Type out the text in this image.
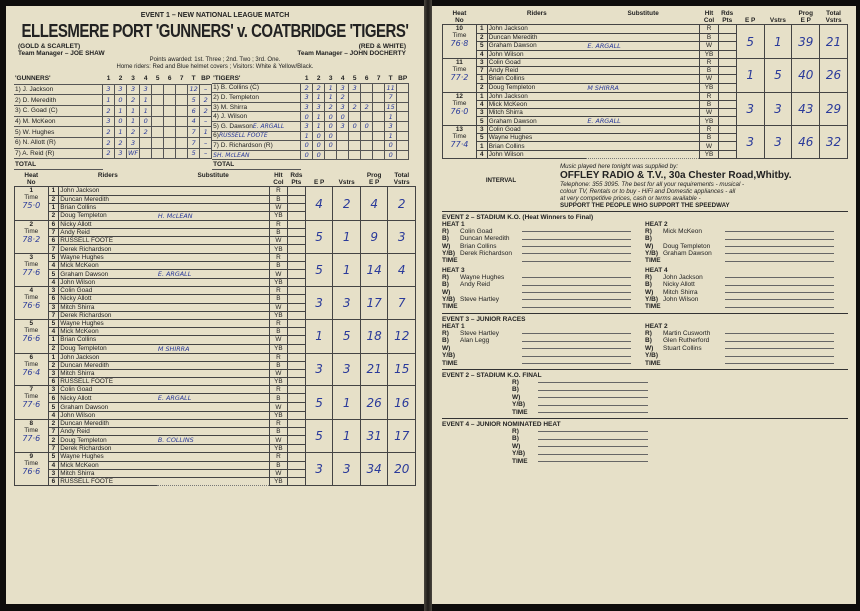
EVENT 1 – NEW NATIONAL LEAGUE MATCH
ELLESMERE PORT 'GUNNERS' v. COATBRIDGE 'TIGERS'
(GOLD & SCARLET)	(RED & WHITE)
Team Manager – JOE SHAW	Team Manager – JOHN DOCHERTY
Points awarded: 1st. Three ; 2nd. Two ; 3rd. One.
Home riders: Red and Blue helmet covers ; Visitors: White & Yellow/Black.
'GUNNERS'	1	2	3	4	5	6	7	T	BP
1) J. Jackson	3	3	3	3				12	–
2) D. Meredith	1	0	2	1				5	2
3) C. Goad (C)	2	1	1	1				6	2
4) M. McKeon	3	0	1	0				4	–
5) W. Hughes	2	1	2	2				7	1
6) N. Allott (R)	2	2	3					7	–
7) A. Reid (R)	2	3	WF					5	–
TOTAL									
'TIGERS'	1	2	3	4	5	6	7	T	BP
1) B. Collins (C)	2	2	1	3	3			11	
2) D. Templeton	3	1	1	2				7	
3) M. Shirra	3	3	2	3	2	2		15	
4) J. Wilson	0	1	0	0				1	
5) G. DawsonE. ARGALL	3	1	0	3	0	0		3	
6)RUSSELL FOOTE	1	0	0					1	
7) D. Richardson (R)	0	0	0					0	
SH. McLEAN	0	0						0	
TOTAL									
Heat		Riders	Substitute	Hlt	Rds			Prog	Total
No				Col	Pts	E P	Vstrs	E P	Vstrs

1
Time
75·0	1	John Jackson		R		4	2	4	2
	2	Duncan Meredith		B					
	1	Brian Collins		W					
	2	Doug Templeton	H. McLEAN	YB					

2
Time
78·2	6	Nicky Allott		R		5	1	9	3
	7	Andy Reid		B					
	6	RUSSELL FOOTE		W					
	7	Derek Richardson		YB					

3
Time
77·6	5	Wayne Hughes		R		5	1	14	4
	4	Mick McKeon		B					
	5	Graham Dawson	E. ARGALL	W					
	4	John Wilson		YB					

4
Time
76·6	3	Colin Goad		R		3	3	17	7
	6	Nicky Allott		B					
	3	Mitch Shirra		W					
	7	Derek Richardson		YB					

5
Time
76·6	5	Wayne Hughes		R		1	5	18	12
	4	Mick McKeon		B					
	1	Brian Collins		W					
	2	Doug Templeton	M SHIRRA	YB					

6
Time
76·4	1	John Jackson		R		3	3	21	15
	2	Duncan Meredith		B					
	3	Mitch Shirra		W					
	6	RUSSELL FOOTE		YB					

7
Time
77·6	3	Colin Goad		R		5	1	26	16
	6	Nicky Allott	E. ARGALL	B					
	5	Graham Dawson		W					
	4	John Wilson		YB					

8
Time
77·6	2	Duncan Meredith		R		5	1	31	17
	7	Andy Reid		B					
	2	Doug Templeton	B. COLLINS	W					
	7	Derek Richardson		YB					

9
Time
76·6	5	Wayne Hughes		R		3	3	34	20
	4	Mick McKeon		B					
	3	Mitch Shirra		W					
	6	RUSSELL FOOTE		YB					
Heat		Riders	Substitute	Hlt	Rds			Prog	Total
No				Col	Pts	E P	Vstrs	E P	Vstrs

10
Time
76·8	1	John Jackson		R		5	1	39	21
	2	Duncan Meredith		B					
	5	Graham Dawson	E. ARGALL	W					
	4	John Wilson		YB					

11
Time
77·2	3	Colin Goad		R		1	5	40	26
	7	Andy Reid		B					
	1	Brian Collins		W					
	2	Doug Templeton	M SHIRRA	YB					

12
Time
76·0	1	John Jackson		R		3	3	43	29
	4	Mick McKeon		B					
	3	Mitch Shirra		W					
	5	Graham Dawson	E. ARGALL	YB					

13
Time
77·4	3	Colin Goad		R		3	3	46	32
	5	Wayne Hughes		B					
	1	Brian Collins		W					
	4	John Wilson		YB					
INTERVAL
Music played here tonight was supplied by:
OFFLEY RADIO & T.V., 30a Chester Road,Whitby.
Telephone: 355 3095. The best for all your requirements - musical -
colour TV, Rentals or to buy - HiFi and Domestic appliances - all
at very competitive prices, cash or terms available -
SUPPORT THE PEOPLE WHO SUPPORT THE SPEEDWAY
EVENT 2 – STADIUM K.O. (Heat Winners to Final)
HEAT 1
R)	Colin Goad
B)	Duncan Meredith
W)	Brian Collins
Y/B) Derek Richardson
TIME
HEAT 2
R)	Mick McKeon
B)
W)	Doug Templeton
Y/B) Graham Dawson
TIME
HEAT 3
R)	Wayne Hughes
B)	Andy Reid
W)
Y/B) Steve Hartley
TIME
HEAT 4
R)	John Jackson
B)	Nicky Allott
W)	Mitch Shirra
Y/B) John Wilson
TIME
EVENT 3 – JUNIOR RACES
HEAT 1
R)	Steve Hartley
B)	Alan Legg
W)
Y/B)
TIME
HEAT 2
R)	Martin Cusworth
B)	Glen Rutherford
W)	Stuart Collins
Y/B)
TIME
EVENT 2 – STADIUM K.O. FINAL
R)
B)
W)
Y/B)
TIME
EVENT 4 – JUNIOR NOMINATED HEAT
R)
B)
W)
Y/B)
TIME
